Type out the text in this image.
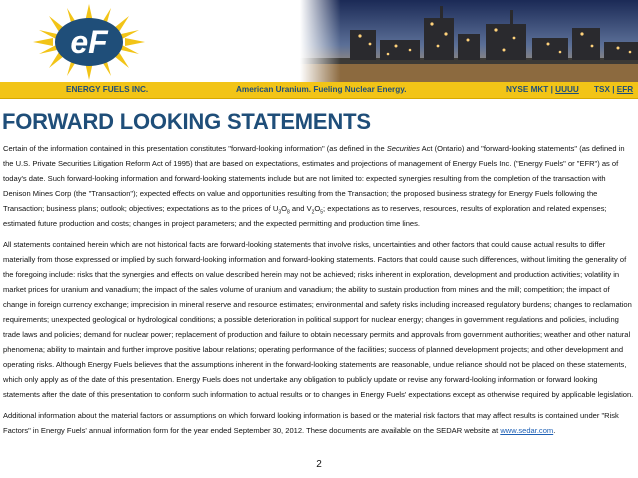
eF
ENERGY FUELS INC.	American Uranium. Fueling Nuclear Energy.	NYSE MKT | UUUU TSX | EFR
FORWARD LOOKING STATEMENTS

Certain of the information contained in this presentation constitutes "forward-looking information" (as defined in the Securities Act (Ontario) and "forward-looking statements" (as defined in the U.S. Private Securities Litigation Reform Act of 1995) that are based on expectations, estimates and projections of management of Energy Fuels Inc. ("Energy Fuels" or "EFR") as of today's date. Such forward-looking information and forward-looking statements include but are not limited to: expected synergies resulting from the completion of the transaction with Denison Mines Corp (the "Transaction"); expected effects on value and opportunities resulting from the Transaction; the proposed business strategy for Energy Fuels following the Transaction; business plans; outlook; objectives; expectations as to the prices of $U_3O_8$ and $V_2O_5$; expectations as to reserves, resources, results of exploration and related expenses; estimated future production and costs; changes in project parameters; and the expected permitting and production time lines.

All statements contained herein which are not historical facts are forward-looking statements that involve risks, uncertainties and other factors that could cause actual results to differ materially from those expressed or implied by such forward-looking information and forward-looking statements. Factors that could cause such differences, without limiting the generality of the foregoing include: risks that the synergies and effects on value described herein may not be achieved; risks inherent in exploration, development and production activities; volatility in market prices for uranium and vanadium; the impact of the sales volume of uranium and vanadium; the ability to sustain production from mines and the mill; competition; the impact of change in foreign currency exchange; imprecision in mineral reserve and resource estimates; environmental and safety risks including increased regulatory burdens; changes to reclamation requirements; unexpected geological or hydrological conditions; a possible deterioration in political support for nuclear energy; changes in government regulations and policies, including trade laws and policies; demand for nuclear power; replacement of production and failure to obtain necessary permits and approvals from government authorities; weather and other natural phenomena; ability to maintain and further improve positive labour relations; operating performance of the facilities; success of planned development projects; and other development and operating risks. Although Energy Fuels believes that the assumptions inherent in the forward-looking statements are reasonable, undue reliance should not be placed on these statements, which only apply as of the date of this presentation. Energy Fuels does not undertake any obligation to publicly update or revise any forward-looking information or forward looking statements after the date of this presentation to conform such information to actual results or to changes in Energy Fuels' expectations except as otherwise required by applicable legislation.

Additional information about the material factors or assumptions on which forward looking information is based or the material risk factors that may affect results is contained under "Risk Factors" in Energy Fuels' annual information form for the year ended September 30, 2012. These documents are available on the SEDAR website at www.sedar.com.

2
